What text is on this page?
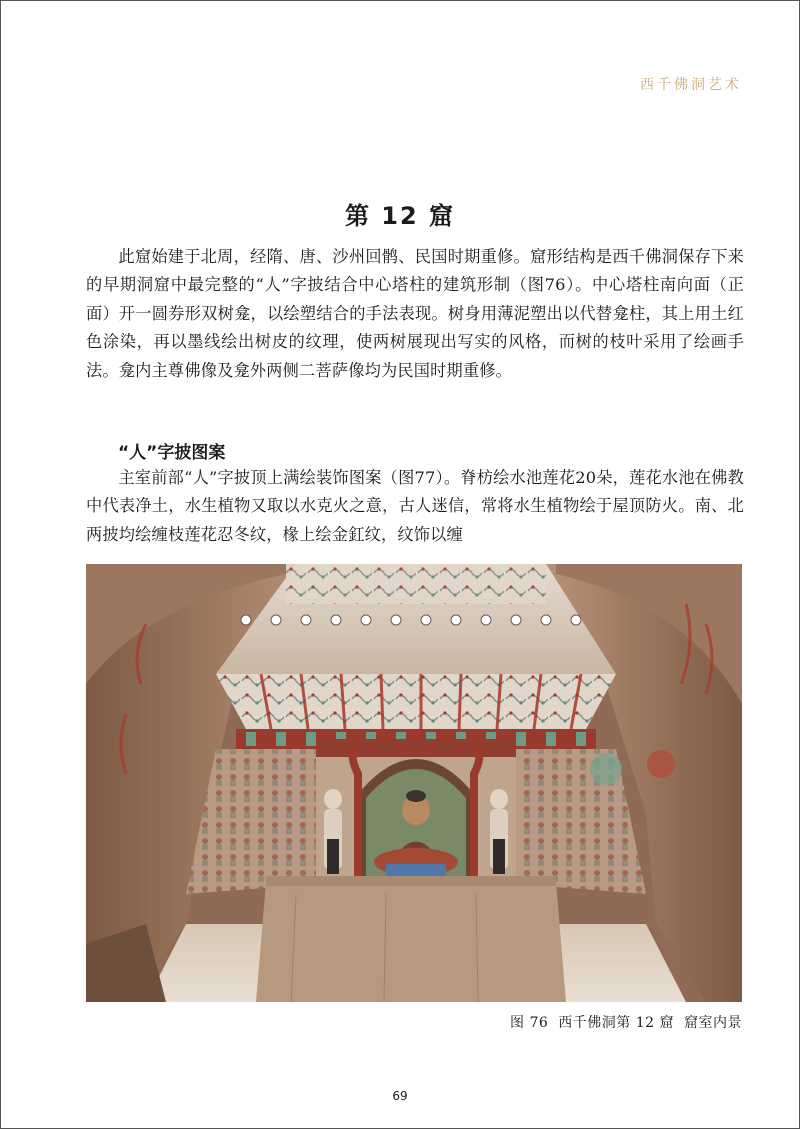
西千佛洞艺术
第 12 窟

此窟始建于北周，经隋、唐、沙州回鹘、民国时期重修。窟形结构是西千佛洞保存下来的早期洞窟中最完整的“人”字披结合中心塔柱的建筑形制（图76）。中心塔柱南向面（正面）开一圆券形双树龛，以绘塑结合的手法表现。树身用薄泥塑出以代替龛柱，其上用土红色涂染，再以墨线绘出树皮的纹理，使两树展现出写实的风格，而树的枝叶采用了绘画手法。龛内主尊佛像及龛外两侧二菩萨像均为民国时期重修。

“人”字披图案

主室前部“人”字披顶上满绘装饰图案（图77）。脊枋绘水池莲花20朵，莲花水池在佛教中代表净土，水生植物又取以水克火之意，古人迷信，常将水生植物绘于屋顶防火。南、北两披均绘缠枝莲花忍冬纹，椽上绘金釭纹，纹饰以缠

图 76 西千佛洞第 12 窟 窟室内景
69
